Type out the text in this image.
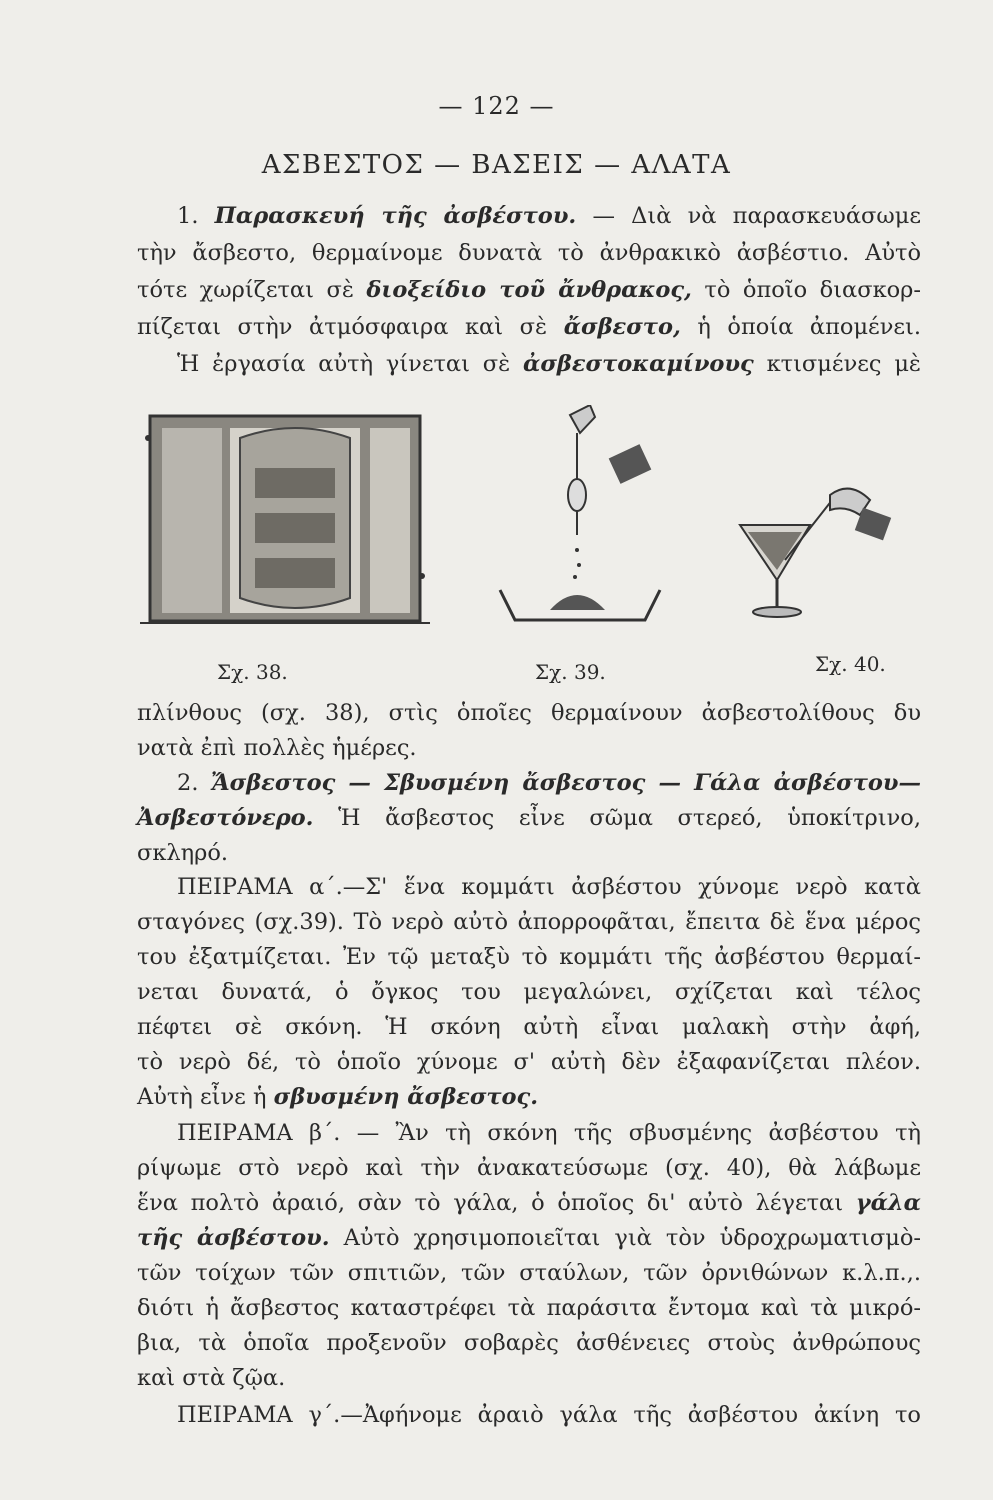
— 122 —
ΑΣΒΕΣΤΟΣ — ΒΑΣΕΙΣ — ΑΛΑΤΑ
1. Παρασκευή τῆς ἀσβέστου. — Διὰ νὰ παρασκευάσωμε
τὴν ἄσβεστο, θερμαίνομε δυνατὰ τὸ ἀνθρακικὸ ἀσβέστιο. Αὐτὸ
τότε χωρίζεται σὲ διοξείδιο τοῦ ἄνθρακος, τὸ ὁποῖο διασκορ-
πίζεται στὴν ἀτμόσφαιρα καὶ σὲ ἄσβεστο, ἡ ὁποία ἀπομένει.
Ἡ ἐργασία αὐτὴ γίνεται σὲ ἀσβεστοκαμίνους κτισμένες μὲ
Σχ. 38.	Σχ. 39.	Σχ. 40.
πλίνθους (σχ. 38), στὶς ὁποῖες θερμαίνουν ἀσβεστολίθους δυ
νατὰ ἐπὶ πολλὲς ἡμέρες.
2. Ἄσβεστος — Σβυσμένη ἄσβεστος — Γάλα ἀσβέστου—
Ἀσβεστόνερο. Ἡ ἄσβεστος εἶνε σῶμα στερεό, ὑποκίτρινο,
σκληρό.
ΠΕΙΡΑΜΑ α΄.—Σ' ἕνα κομμάτι ἀσβέστου χύνομε νερὸ κατὰ
σταγόνες (σχ.39). Τὸ νερὸ αὐτὸ ἀπορροφᾶται, ἔπειτα δὲ ἕνα μέρος
του ἐξατμίζεται. Ἐν τῷ μεταξὺ τὸ κομμάτι τῆς ἀσβέστου θερμαί-
νεται δυνατά, ὁ ὄγκος του μεγαλώνει, σχίζεται καὶ τέλος
πέφτει σὲ σκόνη. Ἡ σκόνη αὐτὴ εἶναι μαλακὴ στὴν ἀφή,
τὸ νερὸ δέ, τὸ ὁποῖο χύνομε σ' αὐτὴ δὲν ἐξαφανίζεται πλέον.
Αὐτὴ εἶνε ἡ σβυσμένη ἄσβεστος.
ΠΕΙΡΑΜΑ β΄. — Ἂν τὴ σκόνη τῆς σβυσμένης ἀσβέστου τὴ
ρίψωμε στὸ νερὸ καὶ τὴν ἀνακατεύσωμε (σχ. 40), θὰ λάβωμε
ἕνα πολτὸ ἀραιό, σὰν τὸ γάλα, ὁ ὁποῖος δι' αὐτὸ λέγεται γάλα
τῆς ἀσβέστου. Αὐτὸ χρησιμοποιεῖται γιὰ τὸν ὑδροχρωματισμὸ-
τῶν τοίχων τῶν σπιτιῶν, τῶν σταύλων, τῶν ὀρνιθώνων κ.λ.π.,.
διότι ἡ ἄσβεστος καταστρέφει τὰ παράσιτα ἔντομα καὶ τὰ μικρό-
βια, τὰ ὁποῖα προξενοῦν σοβαρὲς ἀσθένειες στοὺς ἀνθρώπους
καὶ στὰ ζῷα.
ΠΕΙΡΑΜΑ γ΄.—Ἀφήνομε ἀραιὸ γάλα τῆς ἀσβέστου ἀκίνη το
